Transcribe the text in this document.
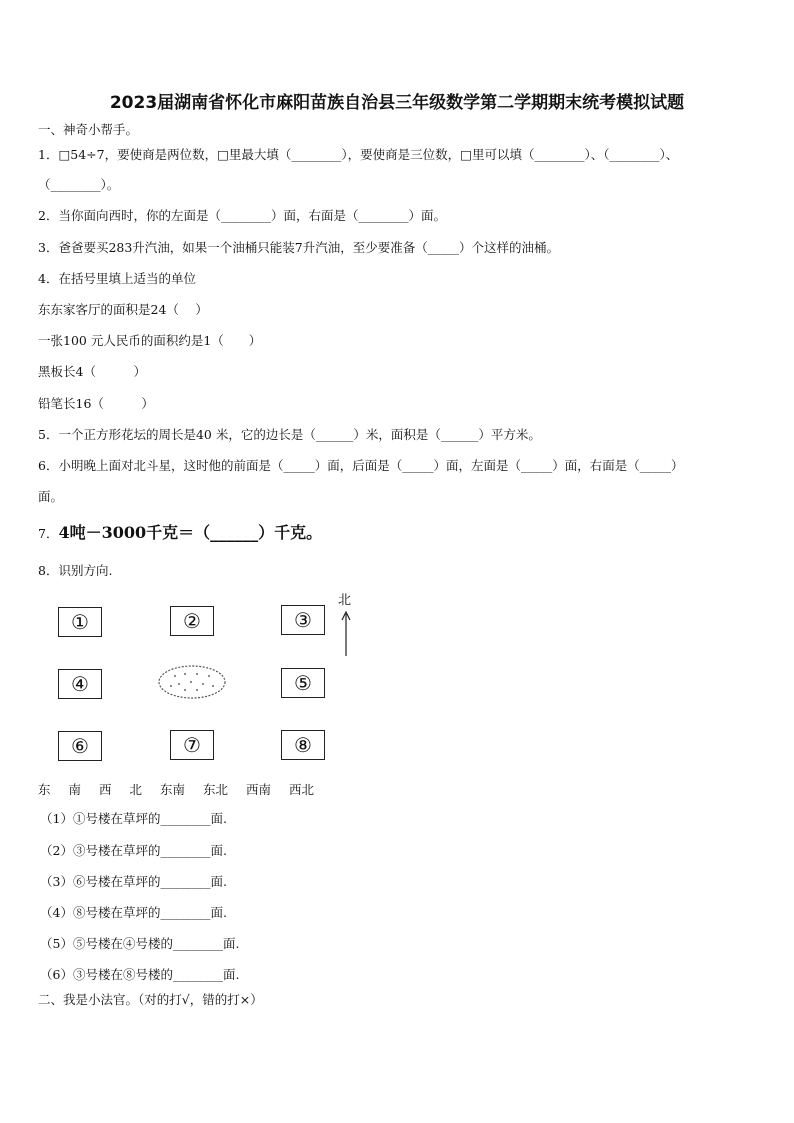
2023届湖南省怀化市麻阳苗族自治县三年级数学第二学期期末统考模拟试题
一、神奇小帮手。
1．□54÷7，要使商是两位数，□里最大填（________），要使商是三位数，□里可以填（________）、（________）、
（________）。
2．当你面向西时，你的左面是（________）面，右面是（________）面。
3．爸爸要买283升汽油，如果一个油桶只能装7升汽油，至少要准备（_____）个这样的油桶。
4．在括号里填上适当的单位
东东家客厅的面积是24（　 ）
一张100 元人民币的面积约是1（　　）
黑板长4（　　　）
铅笔长16（　　　）
5．一个正方形花坛的周长是40 米，它的边长是（______）米，面积是（______）平方米。
6．小明晚上面对北斗星，这时他的前面是（_____）面，后面是（_____）面，左面是（_____）面，右面是（_____）
面。
7．4吨－3000千克＝（______）千克。
8．识别方向.
①	②	③
④	⑤
⑥	⑦	⑧
北
东 南 西 北 东南 东北 西南 西北
（1）①号楼在草坪的________面.
（2）③号楼在草坪的________面.
（3）⑥号楼在草坪的________面.
（4）⑧号楼在草坪的________面.
（5）⑤号楼在④号楼的________面.
（6）③号楼在⑧号楼的________面.
二、我是小法官。（对的打√，错的打×）
